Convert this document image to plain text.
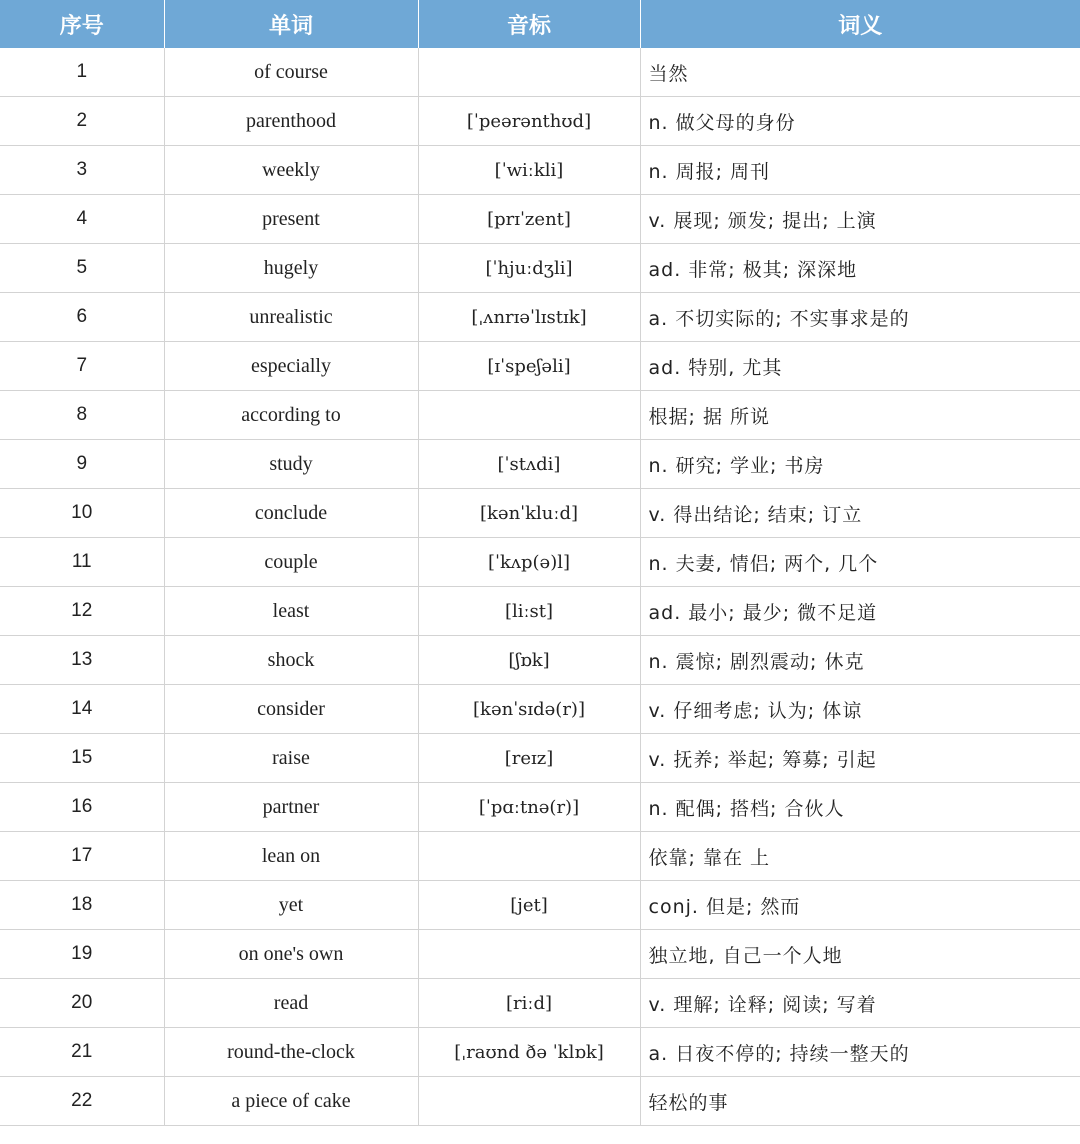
序号	单词	音标	词义
1	of course		当然
2	parenthood	[ˈpeərənthʊd]	n. 做父母的身份
3	weekly	[ˈwiːkli]	n. 周报; 周刊
4	present	[prɪˈzent]	v. 展现; 颁发; 提出; 上演
5	hugely	[ˈhjuːdʒli]	ad. 非常; 极其; 深深地
6	unrealistic	[ˌʌnrɪəˈlɪstɪk]	a. 不切实际的; 不实事求是的
7	especially	[ɪˈspeʃəli]	ad. 特别, 尤其
8	according to		根据; 据 所说
9	study	[ˈstʌdi]	n. 研究; 学业; 书房
10	conclude	[kənˈkluːd]	v. 得出结论; 结束; 订立
11	couple	[ˈkʌp(ə)l]	n. 夫妻, 情侣; 两个, 几个
12	least	[liːst]	ad. 最小; 最少; 微不足道
13	shock	[ʃɒk]	n. 震惊; 剧烈震动; 休克
14	consider	[kənˈsɪdə(r)]	v. 仔细考虑; 认为; 体谅
15	raise	[reɪz]	v. 抚养; 举起; 筹募; 引起
16	partner	[ˈpɑːtnə(r)]	n. 配偶; 搭档; 合伙人
17	lean on		依靠; 靠在 上
18	yet	[jet]	conj. 但是; 然而
19	on one's own		独立地, 自己一个人地
20	read	[riːd]	v. 理解; 诠释; 阅读; 写着
21	round-the-clock	[ˌraʊnd ðə ˈklɒk]	a. 日夜不停的; 持续一整天的
22	a piece of cake		轻松的事
